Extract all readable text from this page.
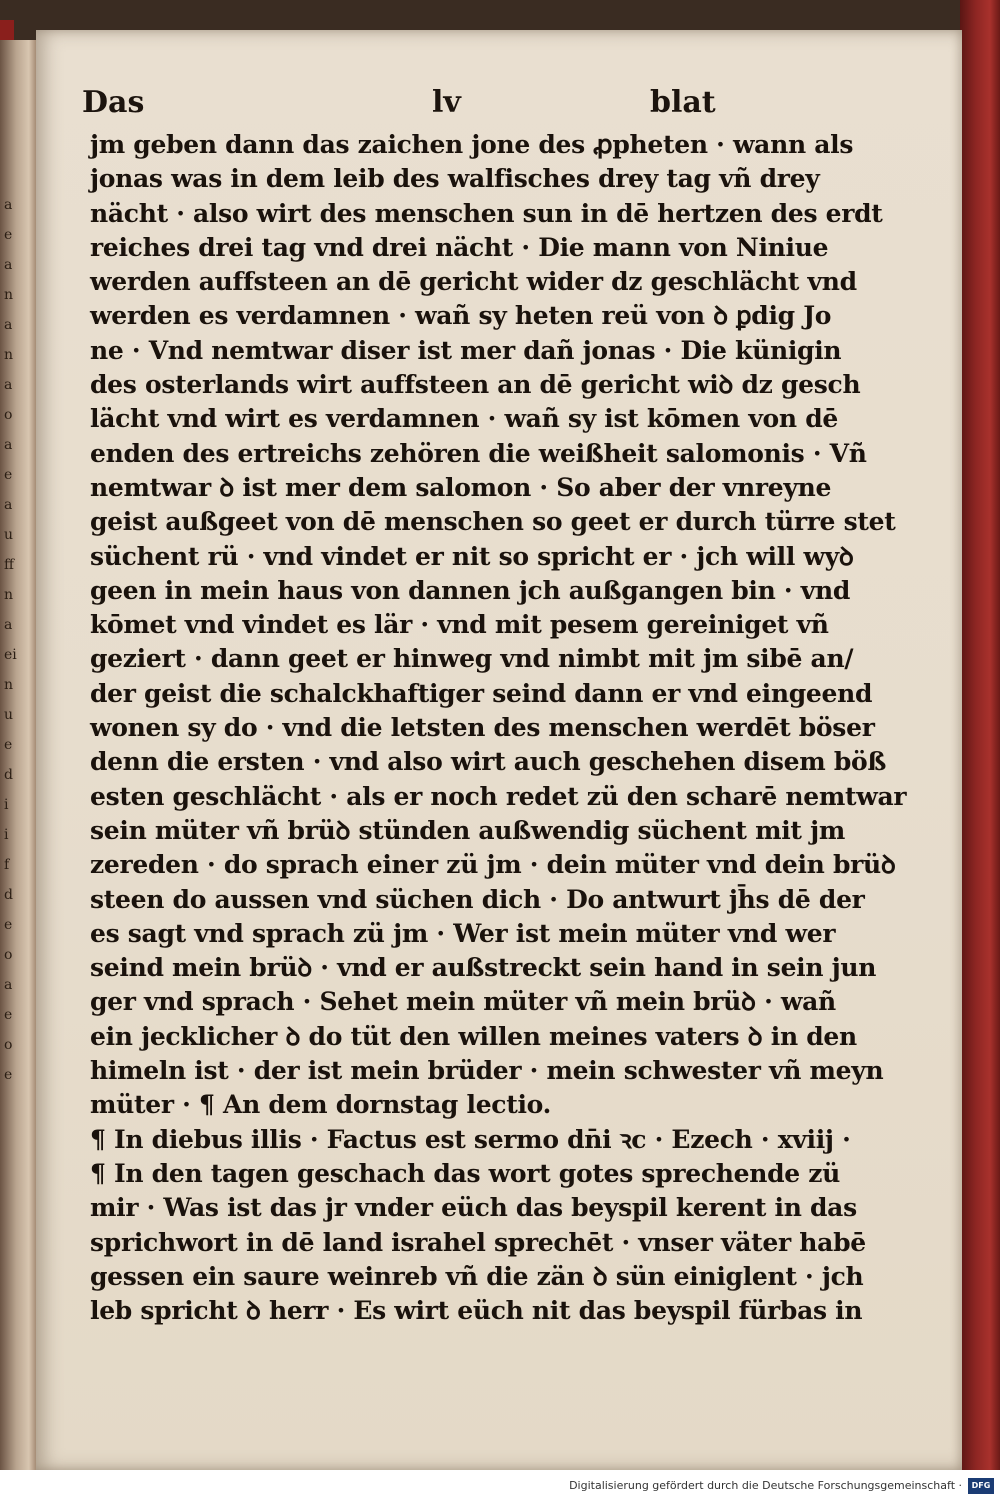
a
e
a
n
a
n
a
o
a
e
a
u
ff
n
a
ei
n
u
e
d
i
i
f
d
e
o
a
e
o
e
Das	lv	blat
jm geben dann das zaichen jone des ꝓpheten · wann als
jonas was in dem leib des walfisches drey tag vñ drey
nächt · also wirt des menschen sun in dē hertzen des erdt
reiches drei tag vnd drei nächt · Die mann von Niniue
werden auffsteen an dē gericht wider dz geschlächt vnd
werden es verdamnen · wañ sy heten reü von ꝺ ꝑdig Jo
ne · Vnd nemtwar diser ist mer dañ jonas · Die künigin
des osterlands wirt auffsteen an dē gericht wiꝺ dz gesch
lächt vnd wirt es verdamnen · wañ sy ist kōmen von dē
enden des ertreichs zehören die weißheit salomonis · Vñ
nemtwar ꝺ ist mer dem salomon · So aber der vnreyne
geist außgeet von dē menschen so geet er durch türre stet
süchent rü · vnd vindet er nit so spricht er · jch will wyꝺ
geen in mein haus von dannen jch außgangen bin · vnd
kōmet vnd vindet es lär · vnd mit pesem gereiniget vñ
geziert · dann geet er hinweg vnd nimbt mit jm sibē an/
der geist die schalckhaftiger seind dann er vnd eingeend
wonen sy do · vnd die letsten des menschen werdēt böser
denn die ersten · vnd also wirt auch geschehen disem böß
esten geschlächt · als er noch redet zü den scharē nemtwar
sein müter vñ brüꝺ stünden außwendig süchent mit jm
zereden · do sprach einer zü jm · dein müter vnd dein brüꝺ
steen do aussen vnd süchen dich · Do antwurt jh̄s dē der
es sagt vnd sprach zü jm · Wer ist mein müter vnd wer
seind mein brüꝺ · vnd er außstreckt sein hand in sein jun
ger vnd sprach · Sehet mein müter vñ mein brüꝺ · wañ
ein jecklicher ꝺ do tüt den willen meines vaters ꝺ in den
himeln ist · der ist mein brüder · mein schwester vñ meyn
müter · ¶ An dem dornstag lectio.
¶ In diebus illis · Factus est sermo dn̄i ꝛc · Ezech · xviij ·
¶ In den tagen geschach das wort gotes sprechende zü
mir · Was ist das jr vnder eüch das beyspil kerent in das
sprichwort in dē land israhel sprechēt · vnser väter habē
gessen ein saure weinreb vñ die zän ꝺ sün einiglent · jch
leb spricht ꝺ herr · Es wirt eüch nit das beyspil fürbas in
Digitalisierung gefördert durch die Deutsche Forschungsgemeinschaft ·	DFG
